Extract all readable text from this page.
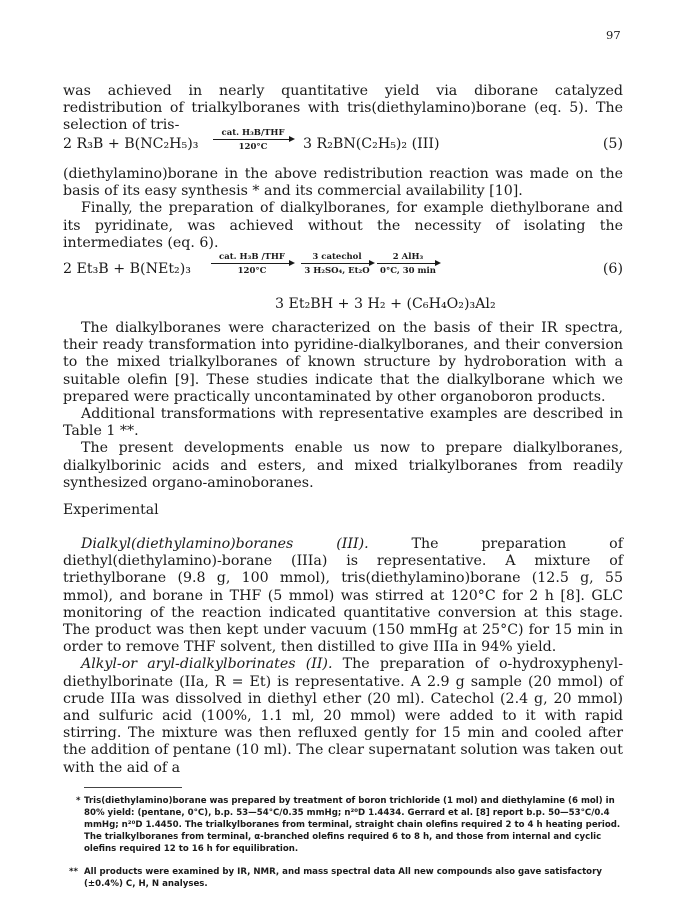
97

was achieved in nearly quantitative yield via diborane catalyzed redistribution of trialkylboranes with tris(diethylamino)borane (eq. 5). The selection of tris-

2 R₃B + B(NC₂H₅)₃
cat. H₃B/THF
120°C	3 R₂BN(C₂H₅)₂ (III)	(5)

(diethylamino)borane in the above redistribution reaction was made on the basis of its easy synthesis * and its commercial availability [10].

Finally, the preparation of dialkylboranes, for example diethylborane and its pyridinate, was achieved without the necessity of isolating the intermediates (eq. 6).

2 Et₃B + B(NEt₂)₃
cat. H₃B /THF
120°C
3 catechol
3 H₂SO₄, Et₂O
2 AlH₃
0°C, 30 min	(6)
3 Et₂BH + 3 H₂ + (C₆H₄O₂)₃Al₂

The dialkylboranes were characterized on the basis of their IR spectra, their ready transformation into pyridine-dialkylboranes, and their conversion to the mixed trialkylboranes of known structure by hydroboration with a suitable olefin [9]. These studies indicate that the dialkylborane which we prepared were practically uncontaminated by other organoboron products.

Additional transformations with representative examples are described in Table 1 **.

The present developments enable us now to prepare dialkylboranes, dialkylborinic acids and esters, and mixed trialkylboranes from readily synthesized organo-aminoboranes.

Experimental

Dialkyl(diethylamino)boranes (III).	The preparation of diethyl(diethylamino)-borane (IIIa) is representative. A mixture of triethylborane (9.8 g, 100 mmol), tris(diethylamino)borane (12.5 g, 55 mmol), and borane in THF (5 mmol) was stirred at 120°C for 2 h [8]. GLC monitoring of the reaction indicated quantitative conversion at this stage. The product was then kept under vacuum (150 mmHg at 25°C) for 15 min in order to remove THF solvent, then distilled to give IIIa in 94% yield.

Alkyl-or aryl-dialkylborinates (II). The preparation of o-hydroxyphenyl-diethylborinate (IIa, R = Et) is representative. A 2.9 g sample (20 mmol) of crude IIIa was dissolved in diethyl ether (20 ml). Catechol (2.4 g, 20 mmol) and sulfuric acid (100%, 1.1 ml, 20 mmol) were added to it with rapid stirring. The mixture was then refluxed gently for 15 min and cooled after the addition of pentane (10 ml). The clear supernatant solution was taken out with the aid of a

* Tris(diethylamino)borane was prepared by treatment of boron trichloride (1 mol) and diethylamine (6 mol) in 80% yield: (pentane, 0°C), b.p. 53—54°C/0.35 mmHg; n²⁰D 1.4434. Gerrard et al. [8] report b.p. 50—53°C/0.4 mmHg; n²⁰D 1.4450. The trialkylboranes from terminal, straight chain olefins required 2 to 4 h heating period. The trialkylboranes from terminal, α-branched olefins required 6 to 8 h, and those from internal and cyclic olefins required 12 to 16 h for equilibration.
** All products were examined by IR, NMR, and mass spectral data All new compounds also gave satisfactory (±0.4%) C, H, N analyses.
